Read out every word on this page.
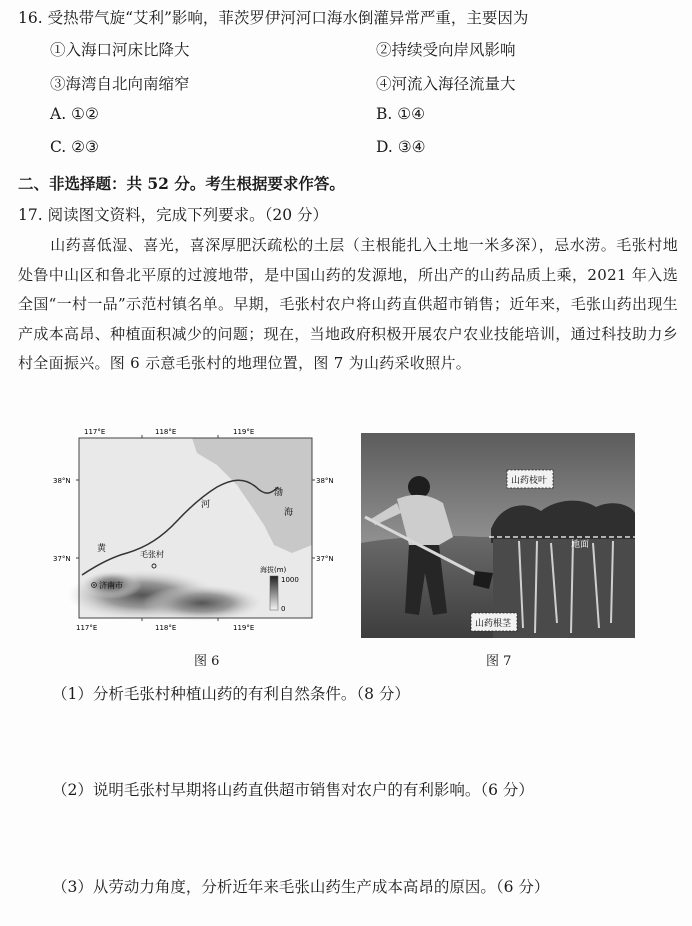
16. 受热带气旋“艾利”影响，菲茨罗伊河河口海水倒灌异常严重，主要因为
①入海口河床比降大	②持续受向岸风影响
③海湾自北向南缩窄	④河流入海径流量大
A. ①②	B. ①④
C. ②③	D. ③④
二、非选择题：共 52 分。考生根据要求作答。
17. 阅读图文资料，完成下列要求。（20 分）
山药喜低湿、喜光，喜深厚肥沃疏松的土层（主根能扎入土地一米多深），忌水涝。毛张村地处鲁中山区和鲁北平原的过渡地带，是中国山药的发源地，所出产的山药品质上乘，2021 年入选全国“一村一品”示范村镇名单。早期，毛张村农户将山药直供超市销售；近年来，毛张山药出现生产成本高昂、种植面积减少的问题；现在，当地政府积极开展农户农业技能培训，通过科技助力乡村全面振兴。图 6 示意毛张村的地理位置，图 7 为山药采收照片。
117°E	118°E	119°E
117°E	118°E	119°E
38°N
37°N
38°N
37°N
渤
海
黄
河
毛张村
济南市
海拔(m)
1000
0
图 6
山药枝叶
地面
山药根茎
图 7
（1）分析毛张村种植山药的有利自然条件。（8 分）
（2）说明毛张村早期将山药直供超市销售对农户的有利影响。（6 分）
（3）从劳动力角度，分析近年来毛张山药生产成本高昂的原因。（6 分）
